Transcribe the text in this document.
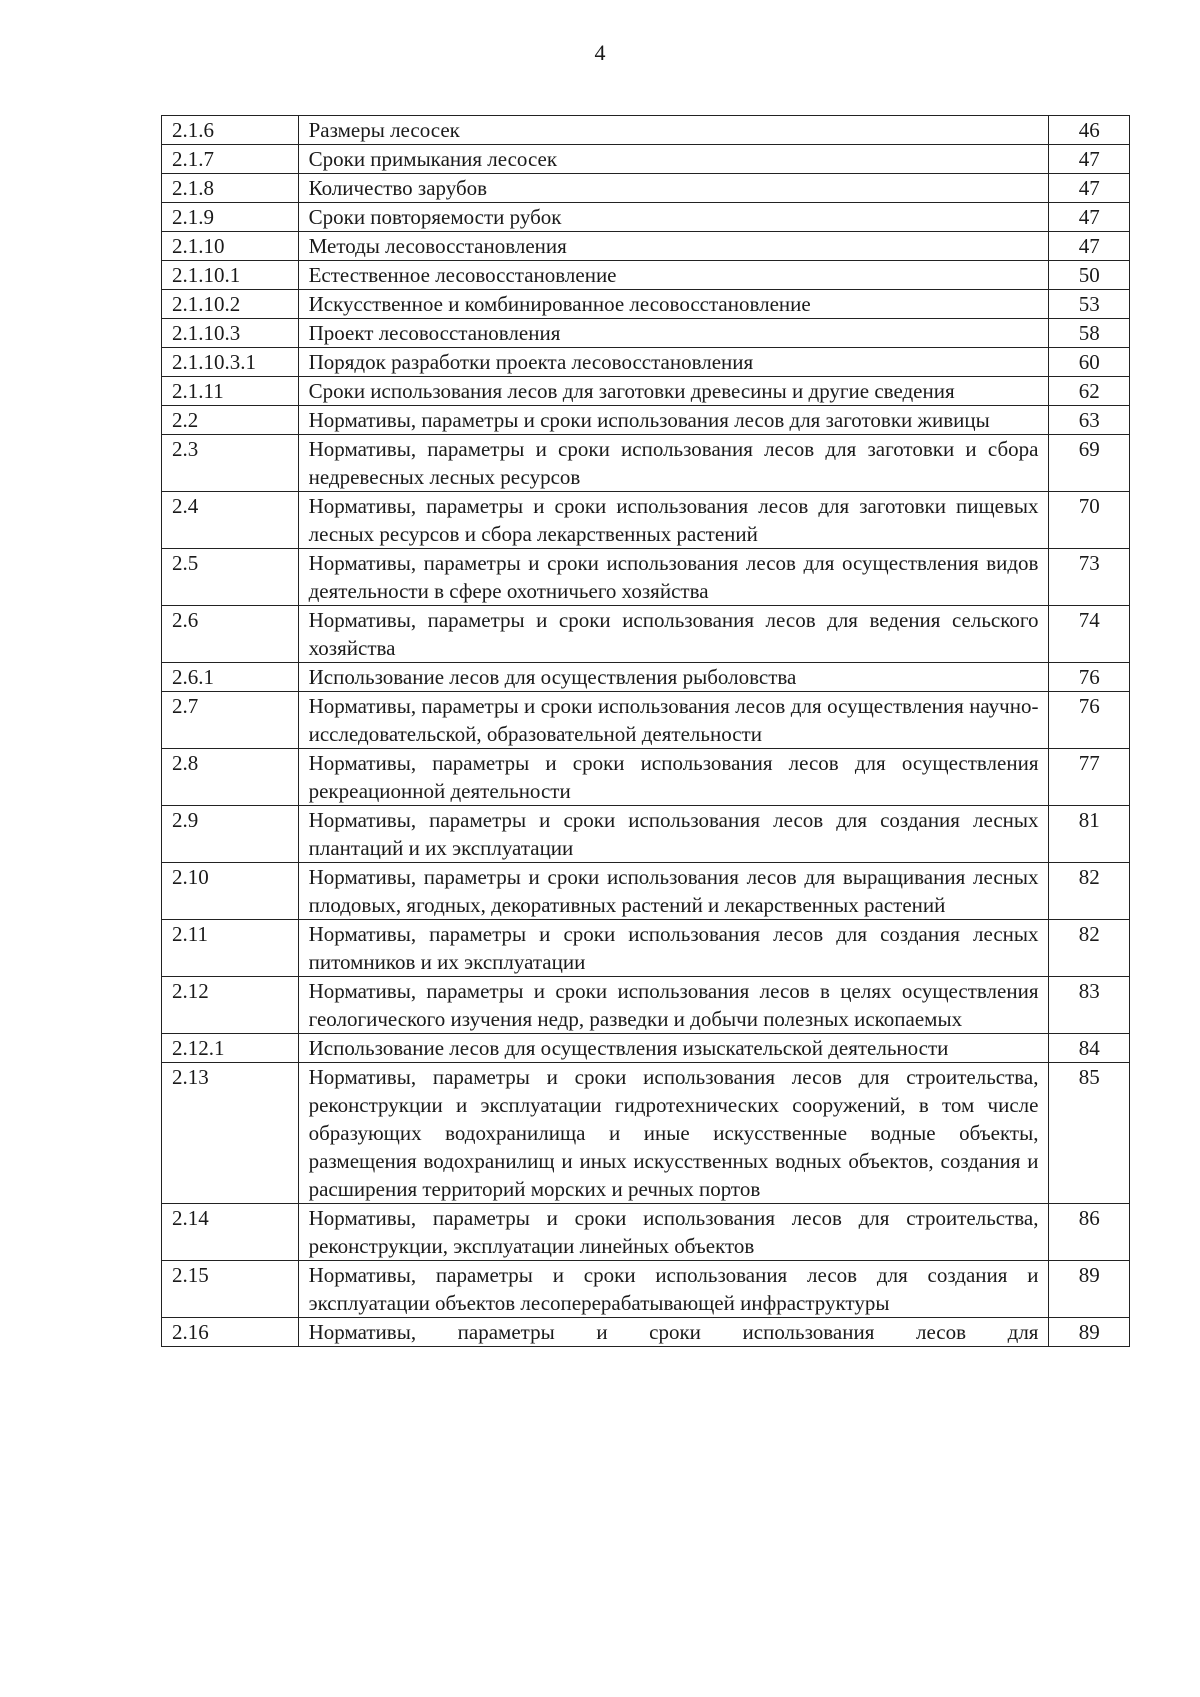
4
2.1.6	Размеры лесосек	46
2.1.7	Сроки примыкания лесосек	47
2.1.8	Количество зарубов	47
2.1.9	Сроки повторяемости рубок	47
2.1.10	Методы лесовосстановления	47
2.1.10.1	Естественное лесовосстановление	50
2.1.10.2	Искусственное и комбинированное лесовосстановление	53
2.1.10.3	Проект лесовосстановления	58
2.1.10.3.1	Порядок разработки проекта лесовосстановления	60
2.1.11	Сроки использования лесов для заготовки древесины и другие сведения	62
2.2	Нормативы, параметры и сроки использования лесов для заготовки живицы	63
2.3	Нормативы, параметры и сроки использования лесов для заготовки и сбора недревесных лесных ресурсов	69
2.4	Нормативы, параметры и сроки использования лесов для заготовки пищевых лесных ресурсов и сбора лекарственных растений	70
2.5	Нормативы, параметры и сроки использования лесов для осуществления видов деятельности в сфере охотничьего хозяйства	73
2.6	Нормативы, параметры и сроки использования лесов для ведения сельского хозяйства	74
2.6.1	Использование лесов для осуществления рыболовства	76
2.7	Нормативы, параметры и сроки использования лесов для осуществления научно-исследовательской, образовательной деятельности	76
2.8	Нормативы, параметры и сроки использования лесов для осуществления рекреационной деятельности	77
2.9	Нормативы, параметры и сроки использования лесов для создания лесных плантаций и их эксплуатации	81
2.10	Нормативы, параметры и сроки использования лесов для выращивания лесных плодовых, ягодных, декоративных растений и лекарственных растений	82
2.11	Нормативы, параметры и сроки использования лесов для создания лесных питомников и их эксплуатации	82
2.12	Нормативы, параметры и сроки использования лесов в целях осуществления геологического изучения недр, разведки и добычи полезных ископаемых	83
2.12.1	Использование лесов для осуществления изыскательской деятельности	84
2.13	Нормативы, параметры и сроки использования лесов для строительства, реконструкции и эксплуатации гидротехнических сооружений, в том числе образующих водохранилища и иные искусственные водные объекты, размещения водохранилищ и иных искусственных водных объектов, создания и расширения территорий морских и речных портов	85
2.14	Нормативы, параметры и сроки использования лесов для строительства, реконструкции, эксплуатации линейных объектов	86
2.15	Нормативы, параметры и сроки использования лесов для создания и эксплуатации объектов лесоперерабатывающей инфраструктуры	89
2.16	Нормативы, параметры и сроки использования лесов для	89
